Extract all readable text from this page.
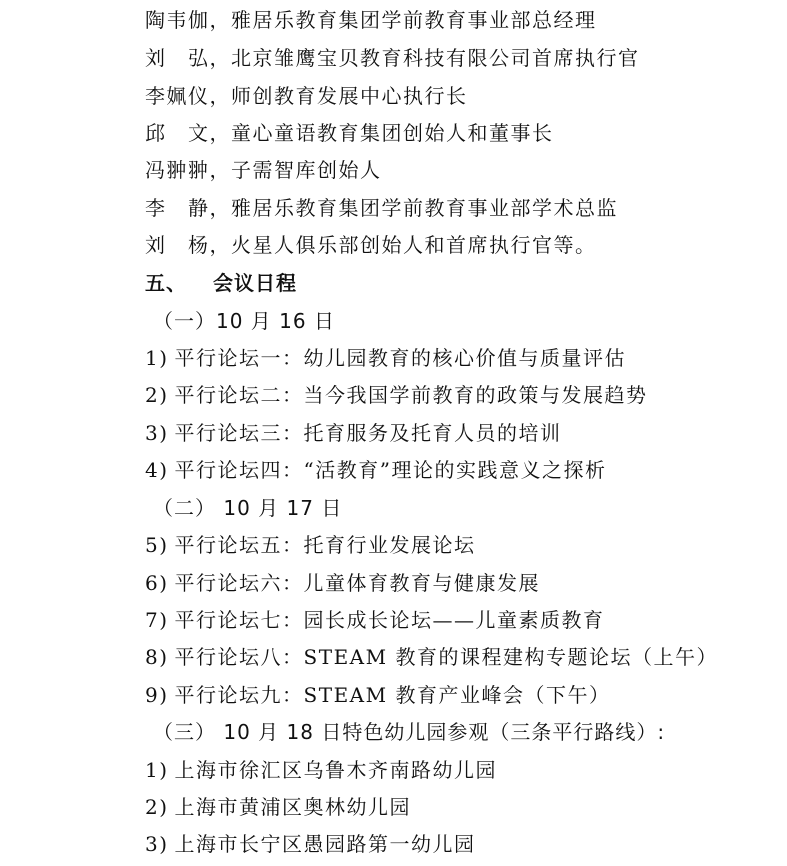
陶韦伽，雅居乐教育集团学前教育事业部总经理
刘　弘，北京雏鹰宝贝教育科技有限公司首席执行官
李姵仪，师创教育发展中心执行长
邱　文，童心童语教育集团创始人和董事长
冯翀翀，子需智库创始人
李　静，雅居乐教育集团学前教育事业部学术总监
刘　杨，火星人俱乐部创始人和首席执行官等。
五、 会议日程
（一）10 月 16 日
1) 平行论坛一：幼儿园教育的核心价值与质量评估
2) 平行论坛二：当今我国学前教育的政策与发展趋势
3) 平行论坛三：托育服务及托育人员的培训
4) 平行论坛四：“活教育”理论的实践意义之探析
（二） 10 月 17 日
5) 平行论坛五：托育行业发展论坛
6) 平行论坛六：儿童体育教育与健康发展
7) 平行论坛七：园长成长论坛——儿童素质教育
8) 平行论坛八：STEAM 教育的课程建构专题论坛（上午）
9) 平行论坛九：STEAM 教育产业峰会（下午）
（三） 10 月 18 日特色幼儿园参观（三条平行路线）:
1) 上海市徐汇区乌鲁木齐南路幼儿园
2) 上海市黄浦区奥林幼儿园
3) 上海市长宁区愚园路第一幼儿园
